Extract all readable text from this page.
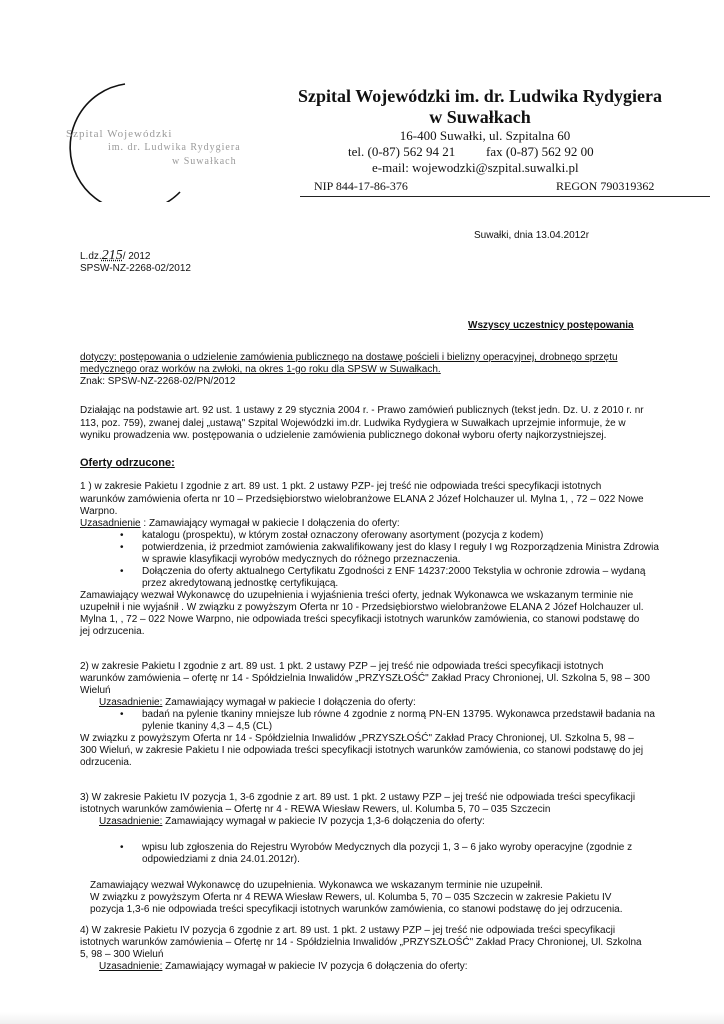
Szpital Wojewódzki
im. dr. Ludwika Rydygiera
w Suwałkach
Szpital Wojewódzki im. dr. Ludwika Rydygiera
w Suwałkach
16-400 Suwałki, ul. Szpitalna 60
tel. (0-87) 562 94 21 fax (0-87) 562 92 00
e-mail: wojewodzki@szpital.suwalki.pl
NIP 844-17-86-376	REGON 790319362
Suwałki, dnia 13.04.2012r
L.dz.215/ 2012
SPSW-NZ-2268-02/2012
Wszyscy uczestnicy postępowania
dotyczy: postępowania o udzielenie zamówienia publicznego na dostawę pościeli i bielizny operacyjnej, drobnego sprzętu
medycznego oraz worków na zwłoki, na okres 1-go roku dla SPSW w Suwałkach.
Znak: SPSW-NZ-2268-02/PN/2012
Działając na podstawie art. 92 ust. 1 ustawy z 29 stycznia 2004 r. - Prawo zamówień publicznych (tekst jedn. Dz. U. z 2010 r. nr
113, poz. 759), zwanej dalej „ustawą" Szpital Wojewódzki im.dr. Ludwika Rydygiera w Suwałkach uprzejmie informuje, że w
wyniku prowadzenia ww. postępowania o udzielenie zamówienia publicznego dokonał wyboru oferty najkorzystniejszej.
Oferty odrzucone:
1 ) w zakresie Pakietu I zgodnie z art. 89 ust. 1 pkt. 2 ustawy PZP- jej treść nie odpowiada treści specyfikacji istotnych
warunków zamówienia oferta nr 10 – Przedsiębiorstwo wielobranżowe ELANA 2 Józef Holchauzer ul. Mylna 1, , 72 – 022 Nowe
Warpno.
Uzasadnienie : Zamawiający wymagał w pakiecie I dołączenia do oferty:
• katalogu (prospektu), w którym został oznaczony oferowany asortyment (pozycja z kodem)
• potwierdzenia, iż przedmiot zamówienia zakwalifikowany jest do klasy I reguły I wg Rozporządzenia Ministra Zdrowia
w sprawie klasyfikacji wyrobów medycznych do różnego przeznaczenia.
• Dołączenia do oferty aktualnego Certyfikatu Zgodności z ENF 14237:2000 Tekstylia w ochronie zdrowia – wydaną
przez akredytowaną jednostkę certyfikującą.
Zamawiający wezwał Wykonawcę do uzupełnienia i wyjaśnienia treści oferty, jednak Wykonawca we wskazanym terminie nie
uzupełnił i nie wyjaśnił . W związku z powyższym Oferta nr 10 - Przedsiębiorstwo wielobranżowe ELANA 2 Józef Holchauzer ul.
Mylna 1, , 72 – 022 Nowe Warpno, nie odpowiada treści specyfikacji istotnych warunków zamówienia, co stanowi podstawę do
jej odrzucenia.
2) w zakresie Pakietu I zgodnie z art. 89 ust. 1 pkt. 2 ustawy PZP – jej treść nie odpowiada treści specyfikacji istotnych
warunków zamówienia – ofertę nr 14 - Spółdzielnia Inwalidów „PRZYSZŁOŚĆ" Zakład Pracy Chronionej, Ul. Szkolna 5, 98 – 300
Wieluń
Uzasadnienie: Zamawiający wymagał w pakiecie I dołączenia do oferty:
• badań na pylenie tkaniny mniejsze lub równe 4 zgodnie z normą PN-EN 13795. Wykonawca przedstawił badania na
pylenie tkaniny 4,3 – 4,5 (CL)
W związku z powyższym Oferta nr 14 - Spółdzielnia Inwalidów „PRZYSZŁOŚĆ" Zakład Pracy Chronionej, Ul. Szkolna 5, 98 –
300 Wieluń, w zakresie Pakietu I nie odpowiada treści specyfikacji istotnych warunków zamówienia, co stanowi podstawę do jej
odrzucenia.
3) W zakresie Pakietu IV pozycja 1, 3-6 zgodnie z art. 89 ust. 1 pkt. 2 ustawy PZP – jej treść nie odpowiada treści specyfikacji
istotnych warunków zamówienia – Ofertę nr 4 - REWA Wiesław Rewers, ul. Kolumba 5, 70 – 035 Szczecin
Uzasadnienie: Zamawiający wymagał w pakiecie IV pozycja 1,3-6 dołączenia do oferty:
• wpisu lub zgłoszenia do Rejestru Wyrobów Medycznych dla pozycji 1, 3 – 6 jako wyroby operacyjne (zgodnie z
odpowiedziami z dnia 24.01.2012r).
Zamawiający wezwał Wykonawcę do uzupełnienia. Wykonawca we wskazanym terminie nie uzupełnił.
W związku z powyższym Oferta nr 4 REWA Wiesław Rewers, ul. Kolumba 5, 70 – 035 Szczecin w zakresie Pakietu IV
pozycja 1,3-6 nie odpowiada treści specyfikacji istotnych warunków zamówienia, co stanowi podstawę do jej odrzucenia.
4) W zakresie Pakietu IV pozycja 6 zgodnie z art. 89 ust. 1 pkt. 2 ustawy PZP – jej treść nie odpowiada treści specyfikacji
istotnych warunków zamówienia – Ofertę nr 14 - Spółdzielnia Inwalidów „PRZYSZŁOŚĆ" Zakład Pracy Chronionej, Ul. Szkolna
5, 98 – 300 Wieluń
Uzasadnienie: Zamawiający wymagał w pakiecie IV pozycja 6 dołączenia do oferty:
